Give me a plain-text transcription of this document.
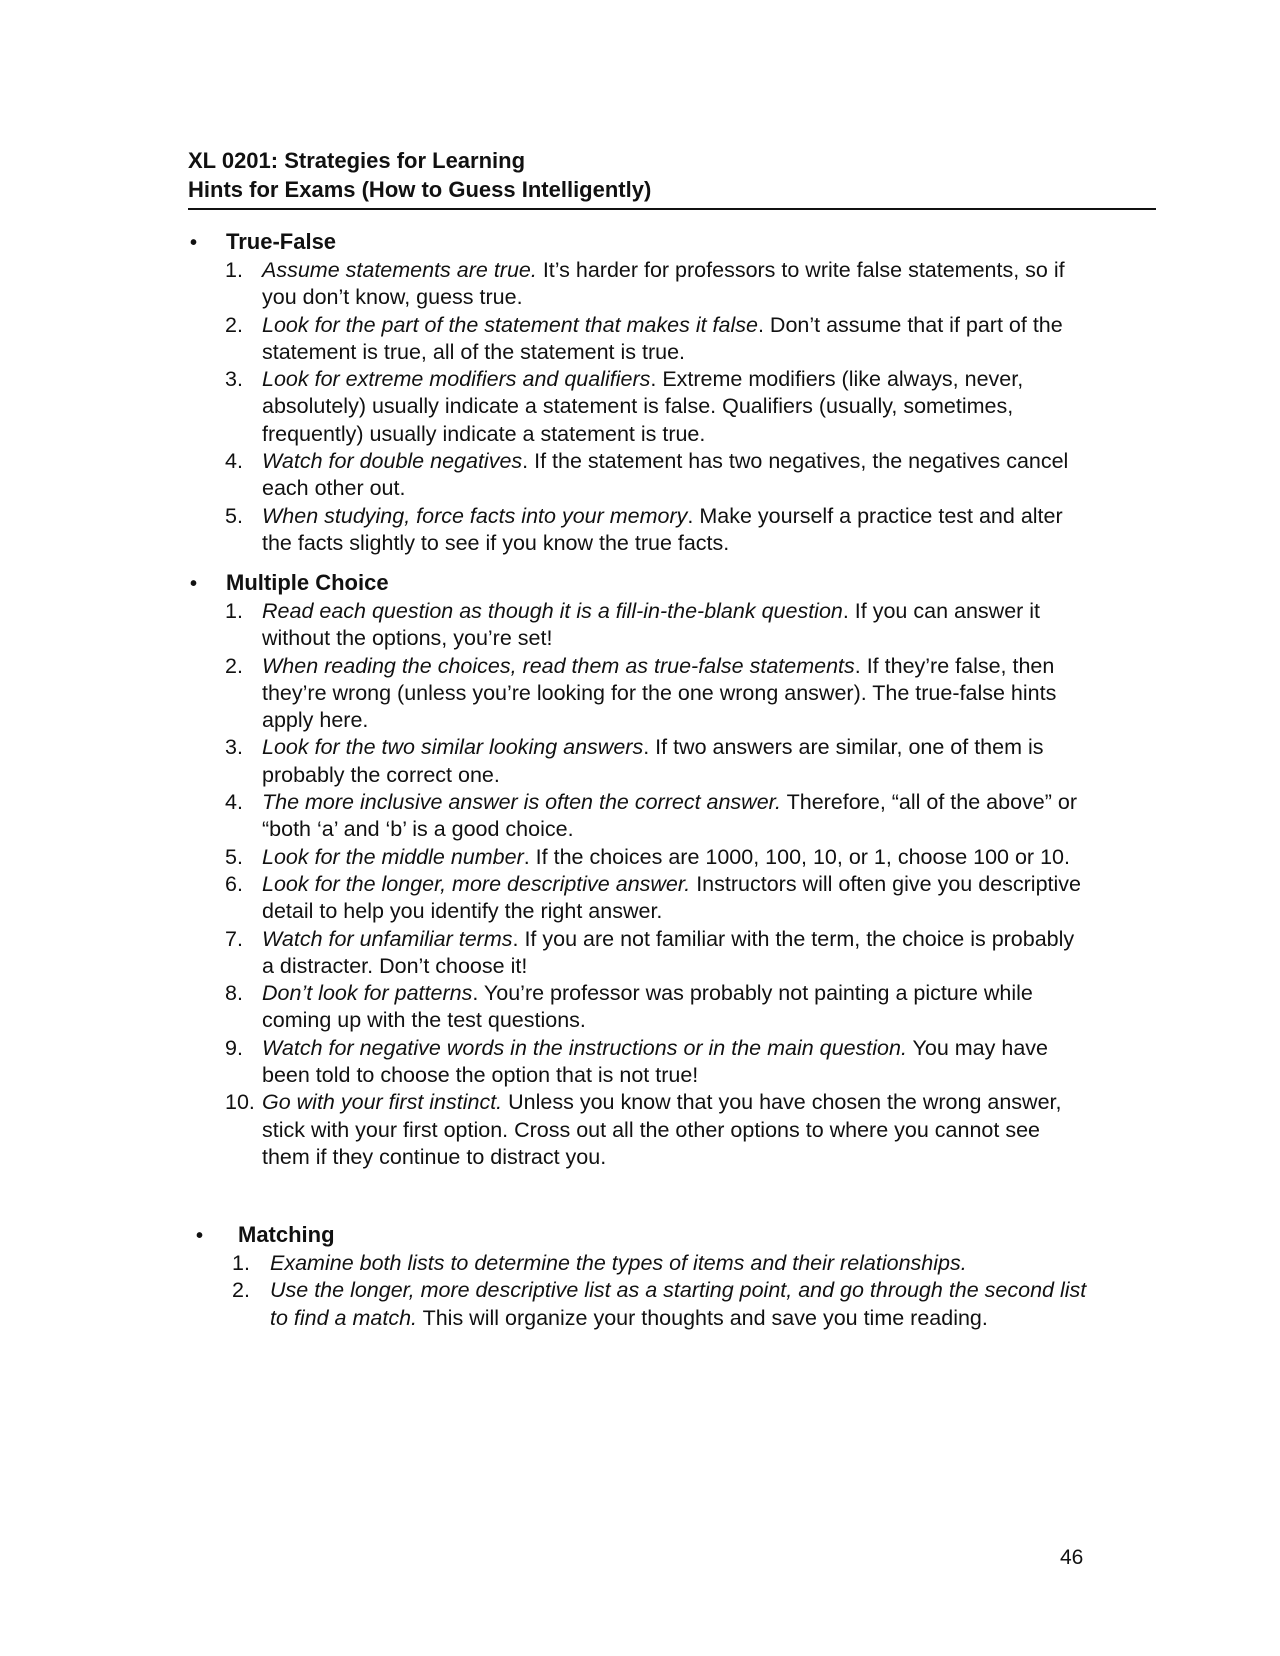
XL 0201: Strategies for Learning
Hints for Exams (How to Guess Intelligently)
•	True-False
1. Assume statements are true. It’s harder for professors to write false statements, so if you don’t know, guess true.
2. Look for the part of the statement that makes it false. Don’t assume that if part of the statement is true, all of the statement is true.
3. Look for extreme modifiers and qualifiers. Extreme modifiers (like always, never, absolutely) usually indicate a statement is false. Qualifiers (usually, sometimes, frequently) usually indicate a statement is true.
4. Watch for double negatives. If the statement has two negatives, the negatives cancel each other out.
5. When studying, force facts into your memory. Make yourself a practice test and alter the facts slightly to see if you know the true facts.
•	Multiple Choice
1. Read each question as though it is a fill-in-the-blank question. If you can answer it without the options, you’re set!
2. When reading the choices, read them as true-false statements. If they’re false, then they’re wrong (unless you’re looking for the one wrong answer). The true-false hints apply here.
3. Look for the two similar looking answers. If two answers are similar, one of them is probably the correct one.
4. The more inclusive answer is often the correct answer. Therefore, “all of the above” or “both ‘a’ and ‘b’ is a good choice.
5. Look for the middle number. If the choices are 1000, 100, 10, or 1, choose 100 or 10.
6. Look for the longer, more descriptive answer. Instructors will often give you descriptive detail to help you identify the right answer.
7. Watch for unfamiliar terms. If you are not familiar with the term, the choice is probably a distracter. Don’t choose it!
8. Don’t look for patterns. You’re professor was probably not painting a picture while coming up with the test questions.
9. Watch for negative words in the instructions or in the main question. You may have been told to choose the option that is not true!
10. Go with your first instinct. Unless you know that you have chosen the wrong answer, stick with your first option. Cross out all the other options to where you cannot see them if they continue to distract you.
•	Matching
1. Examine both lists to determine the types of items and their relationships.
2. Use the longer, more descriptive list as a starting point, and go through the second list to find a match. This will organize your thoughts and save you time reading.
46
